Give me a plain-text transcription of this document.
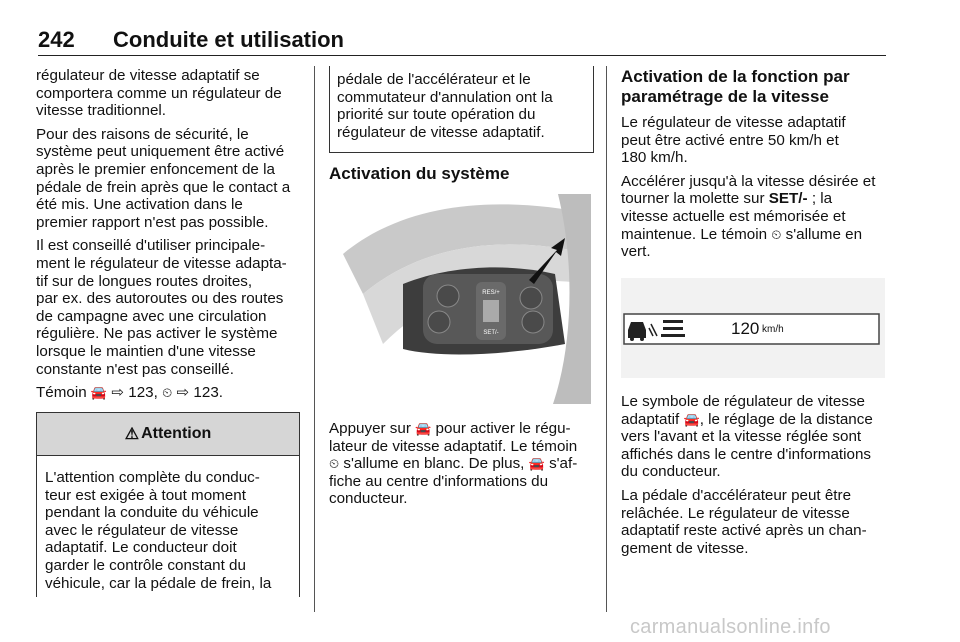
242 Conduite et utilisation

régulateur de vitesse adaptatif se
comportera comme un régulateur de
vitesse traditionnel.

Pour des raisons de sécurité, le
système peut uniquement être activé
après le premier enfoncement de la
pédale de frein après que le contact a
été mis. Une activation dans le
premier rapport n'est pas possible.

Il est conseillé d'utiliser principale-
ment le régulateur de vitesse adapta-
tif sur de longues routes droites,
par ex. des autoroutes ou des routes
de campagne avec une circulation
régulière. Ne pas activer le système
lorsque le maintien d'une vitesse
constante n'est pas conseillé.

Témoin 🚘 ⇨ 123, ⏲ ⇨ 123.

⚠ Attention
L'attention complète du conduc-
teur est exigée à tout moment
pendant la conduite du véhicule
avec le régulateur de vitesse
adaptatif. Le conducteur doit
garder le contrôle constant du
véhicule, car la pédale de frein, la
pédale de l'accélérateur et le
commutateur d'annulation ont la
priorité sur toute opération du
régulateur de vitesse adaptatif.
Activation du système
RES/+
SET/-
Appuyer sur 🚘 pour activer le régu-
lateur de vitesse adaptatif. Le témoin
⏲ s'allume en blanc. De plus, 🚘 s'af-
fiche au centre d'informations du
conducteur.
Activation de la fonction par
paramétrage de la vitesse

Le régulateur de vitesse adaptatif
peut être activé entre 50 km/h et
180 km/h.

Accélérer jusqu'à la vitesse désirée et
tourner la molette sur SET/- ; la
vitesse actuelle est mémorisée et
maintenue. Le témoin ⏲ s'allume en
vert.

120 km/h

Le symbole de régulateur de vitesse
adaptatif 🚘, le réglage de la distance
vers l'avant et la vitesse réglée sont
affichés dans le centre d'informations
du conducteur.

La pédale d'accélérateur peut être
relâchée. Le régulateur de vitesse
adaptatif reste activé après un chan-
gement de vitesse.

carmanualsonline.info
